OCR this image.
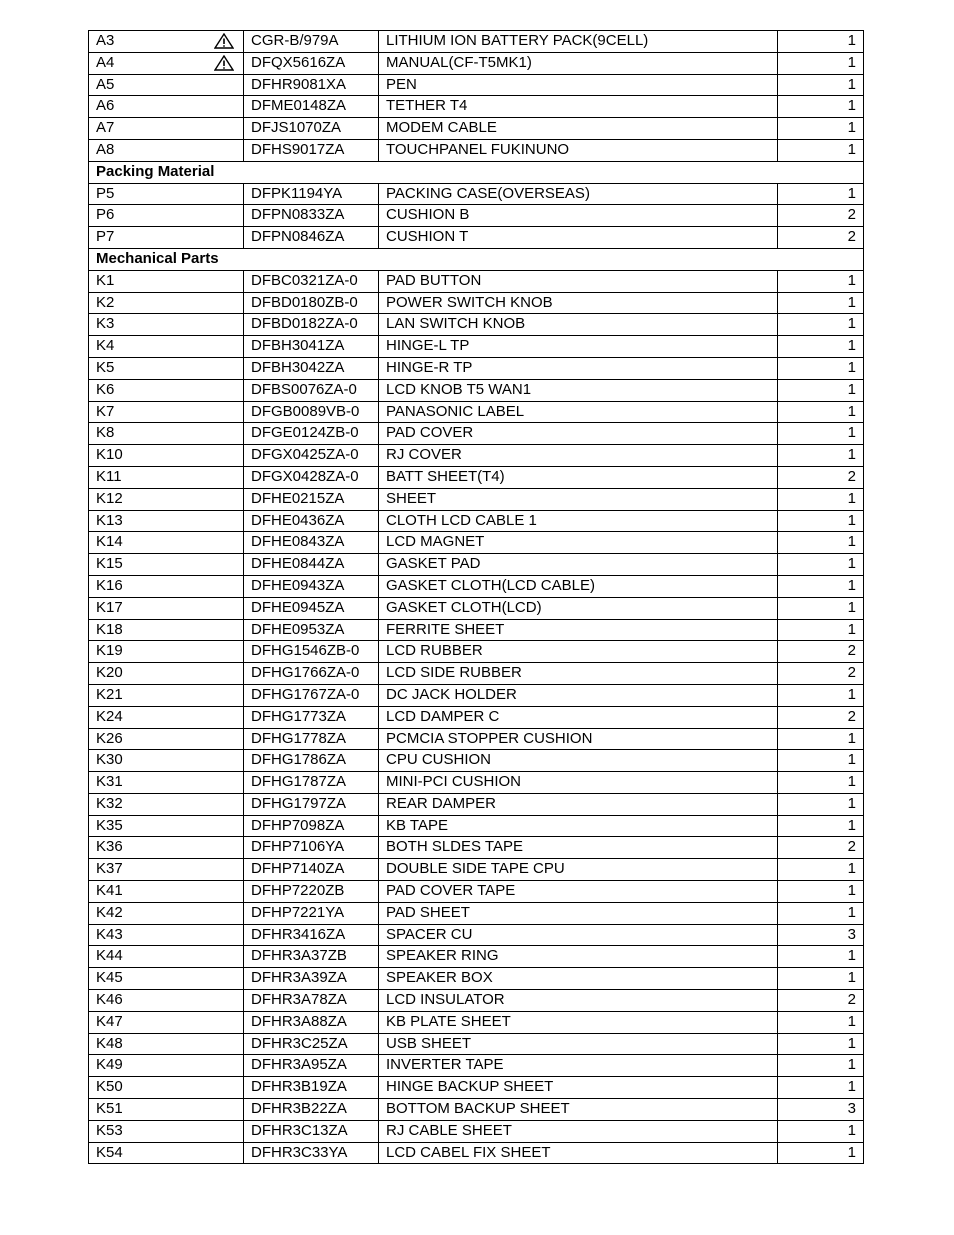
A3	CGR-B/979A	LITHIUM ION BATTERY PACK(9CELL)	1
A4	DFQX5616ZA	MANUAL(CF-T5MK1)	1
A5	DFHR9081XA	PEN	1
A6	DFME0148ZA	TETHER T4	1
A7	DFJS1070ZA	MODEM CABLE	1
A8	DFHS9017ZA	TOUCHPANEL FUKINUNO	1
Packing Material			
P5	DFPK1194YA	PACKING CASE(OVERSEAS)	1
P6	DFPN0833ZA	CUSHION B	2
P7	DFPN0846ZA	CUSHION T	2
Mechanical Parts			
K1	DFBC0321ZA-0	PAD BUTTON	1
K2	DFBD0180ZB-0	POWER SWITCH KNOB	1
K3	DFBD0182ZA-0	LAN SWITCH KNOB	1
K4	DFBH3041ZA	HINGE-L TP	1
K5	DFBH3042ZA	HINGE-R TP	1
K6	DFBS0076ZA-0	LCD KNOB T5 WAN1	1
K7	DFGB0089VB-0	PANASONIC LABEL	1
K8	DFGE0124ZB-0	PAD COVER	1
K10	DFGX0425ZA-0	RJ COVER	1
K11	DFGX0428ZA-0	BATT SHEET(T4)	2
K12	DFHE0215ZA	SHEET	1
K13	DFHE0436ZA	CLOTH LCD CABLE 1	1
K14	DFHE0843ZA	LCD MAGNET	1
K15	DFHE0844ZA	GASKET PAD	1
K16	DFHE0943ZA	GASKET CLOTH(LCD CABLE)	1
K17	DFHE0945ZA	GASKET CLOTH(LCD)	1
K18	DFHE0953ZA	FERRITE SHEET	1
K19	DFHG1546ZB-0	LCD RUBBER	2
K20	DFHG1766ZA-0	LCD SIDE RUBBER	2
K21	DFHG1767ZA-0	DC JACK HOLDER	1
K24	DFHG1773ZA	LCD DAMPER C	2
K26	DFHG1778ZA	PCMCIA STOPPER CUSHION	1
K30	DFHG1786ZA	CPU CUSHION	1
K31	DFHG1787ZA	MINI-PCI CUSHION	1
K32	DFHG1797ZA	REAR DAMPER	1
K35	DFHP7098ZA	KB TAPE	1
K36	DFHP7106YA	BOTH SLDES TAPE	2
K37	DFHP7140ZA	DOUBLE SIDE TAPE CPU	1
K41	DFHP7220ZB	PAD COVER TAPE	1
K42	DFHP7221YA	PAD SHEET	1
K43	DFHR3416ZA	SPACER CU	3
K44	DFHR3A37ZB	SPEAKER RING	1
K45	DFHR3A39ZA	SPEAKER BOX	1
K46	DFHR3A78ZA	LCD INSULATOR	2
K47	DFHR3A88ZA	KB PLATE SHEET	1
K48	DFHR3C25ZA	USB SHEET	1
K49	DFHR3A95ZA	INVERTER TAPE	1
K50	DFHR3B19ZA	HINGE BACKUP SHEET	1
K51	DFHR3B22ZA	BOTTOM BACKUP SHEET	3
K53	DFHR3C13ZA	RJ CABLE SHEET	1
K54	DFHR3C33YA	LCD CABEL FIX SHEET	1
